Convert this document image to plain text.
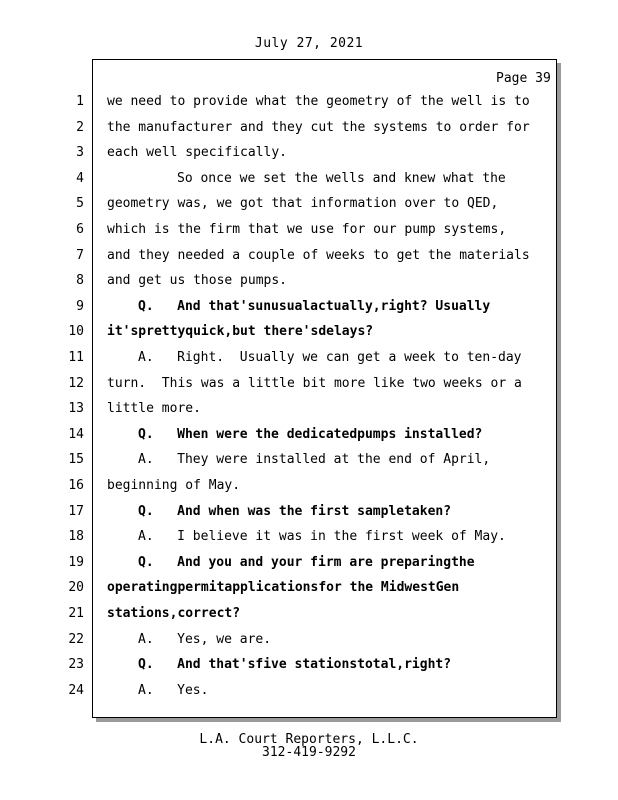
July 27, 2021
Page 39
1 we need to provide what the geometry of the well is to
2 the manufacturer and they cut the systems to order for
3 each well specifically.
4	So once we set the wells and knew what the
5 geometry was, we got that information over to QED,
6 which is the firm that we use for our pump systems,
7 and they needed a couple of weeks to get the materials
8 and get us those pumps.
9	Q.   And that'sunusualactually,right? Usually
10 it'sprettyquick,but there'sdelays?
11	A.   Right.  Usually we can get a week to ten-day
12 turn.  This was a little bit more like two weeks or a
13 little more.
14	Q.   When were the dedicatedpumps installed?
15	A.   They were installed at the end of April,
16 beginning of May.
17	Q.   And when was the first sampletaken?
18	A.   I believe it was in the first week of May.
19	Q.   And you and your firm are preparingthe
20 operatingpermitapplicationsfor the MidwestGen
21 stations,correct?
22	A.   Yes, we are.
23	Q.   And that'sfive stationstotal,right?
24	A.   Yes.
L.A. Court Reporters, L.L.C.
312-419-9292
